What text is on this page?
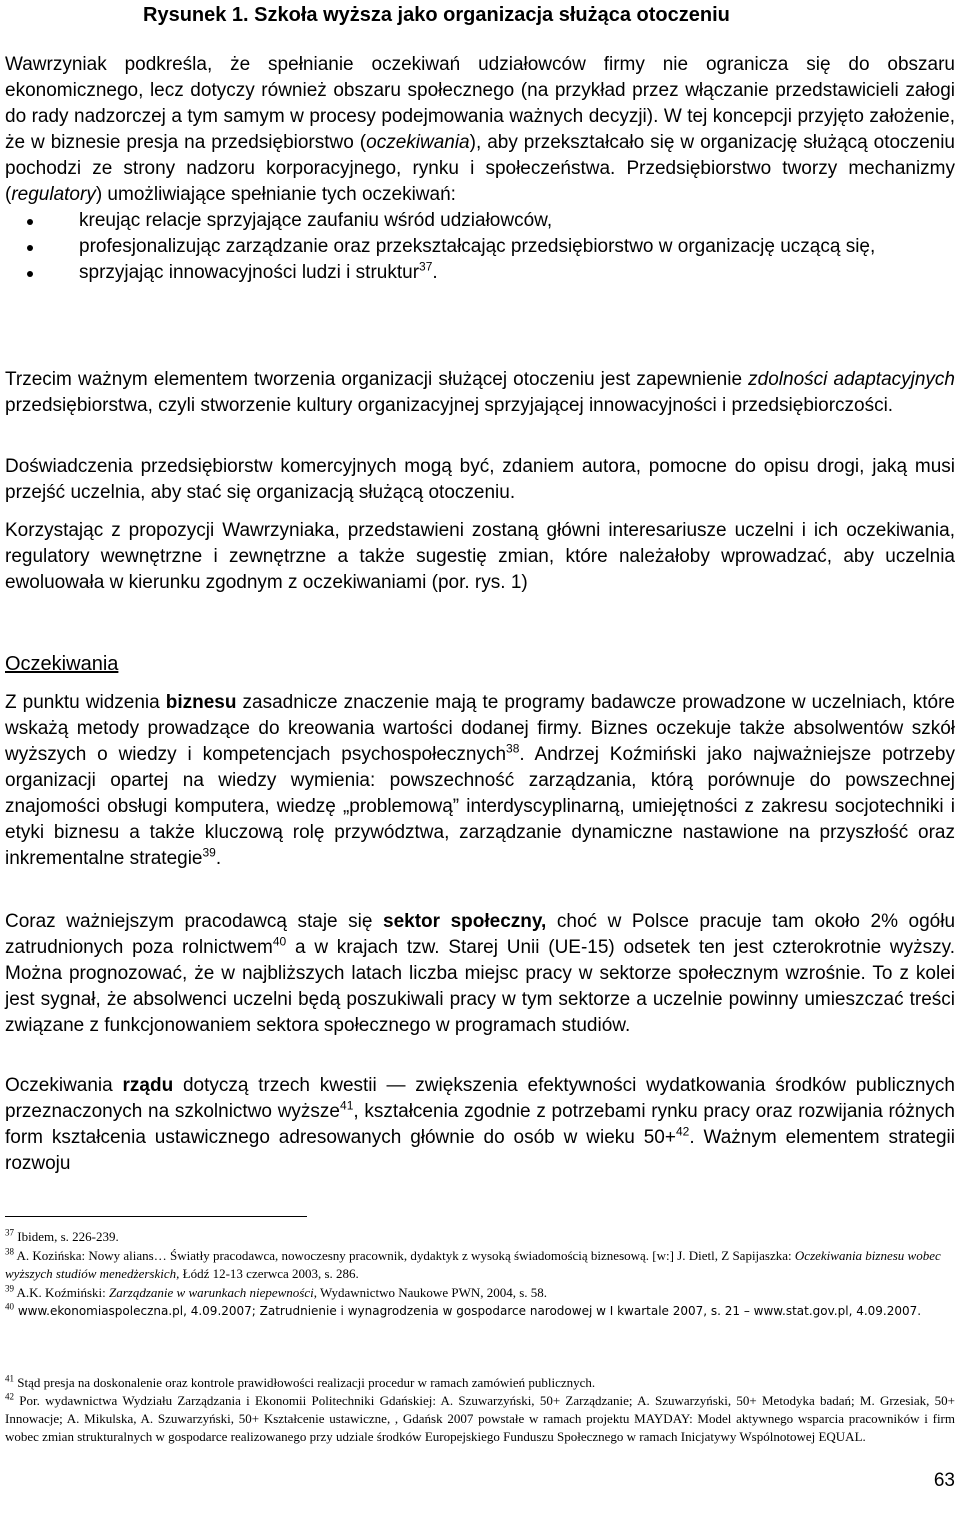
Rysunek 1. Szkoła wyższa jako organizacja służąca otoczeniu

Wawrzyniak podkreśla, że spełnianie oczekiwań udziałowców firmy nie ogranicza się do obszaru ekonomicznego, lecz dotyczy również obszaru społecznego (na przykład przez włączanie przedstawicieli załogi do rady nadzorczej a tym samym w procesy podejmowania ważnych decyzji). W tej koncepcji przyjęto założenie, że w biznesie presja na przedsiębiorstwo (oczekiwania), aby przekształcało się w organizację służącą otoczeniu pochodzi ze strony nadzoru korporacyjnego, rynku i społeczeństwa. Przedsiębiorstwo tworzy mechanizmy (regulatory) umożliwiające spełnianie tych oczekiwań:

kreując relacje sprzyjające zaufaniu wśród udziałowców,
profesjonalizując zarządzanie oraz przekształcając przedsiębiorstwo w organizację uczącą się,
sprzyjając innowacyjności ludzi i struktur$^{37}$.

Trzecim ważnym elementem tworzenia organizacji służącej otoczeniu jest zapewnienie zdolności adaptacyjnych przedsiębiorstwa, czyli stworzenie kultury organizacyjnej sprzyjającej innowacyjności i przedsiębiorczości.

Doświadczenia przedsiębiorstw komercyjnych mogą być, zdaniem autora, pomocne do opisu drogi, jaką musi przejść uczelnia, aby stać się organizacją służącą otoczeniu.

Korzystając z propozycji Wawrzyniaka, przedstawieni zostaną główni interesariusze uczelni i ich oczekiwania, regulatory wewnętrzne i zewnętrzne a także sugestię zmian, które należałoby wprowadzać, aby uczelnia ewoluowała w kierunku zgodnym z oczekiwaniami (por. rys. 1)

Oczekiwania

Z punktu widzenia biznesu zasadnicze znaczenie mają te programy badawcze prowadzone w uczelniach, które wskażą metody prowadzące do kreowania wartości dodanej firmy. Biznes oczekuje także absolwentów szkół wyższych o wiedzy i kompetencjach psychospołecznych$^{38}$. Andrzej Koźmiński jako najważniejsze potrzeby organizacji opartej na wiedzy wymienia: powszechność zarządzania, którą porównuje do powszechnej znajomości obsługi komputera, wiedzę „problemową” interdyscyplinarną, umiejętności z zakresu socjotechniki i etyki biznesu a także kluczową rolę przywództwa, zarządzanie dynamiczne nastawione na przyszłość oraz inkrementalne strategie$^{39}$.

Coraz ważniejszym pracodawcą staje się sektor społeczny, choć w Polsce pracuje tam około 2% ogółu zatrudnionych poza rolnictwem$^{40}$ a w krajach tzw. Starej Unii (UE-15) odsetek ten jest czterokrotnie wyższy. Można prognozować, że w najbliższych latach liczba miejsc pracy w sektorze społecznym wzrośnie. To z kolei jest sygnał, że absolwenci uczelni będą poszukiwali pracy w tym sektorze a uczelnie powinny umieszczać treści związane z funkcjonowaniem sektora społecznego w programach studiów.

Oczekiwania rządu dotyczą trzech kwestii — zwiększenia efektywności wydatkowania środków publicznych przeznaczonych na szkolnictwo wyższe$^{41}$, kształcenia zgodnie z potrzebami rynku pracy oraz rozwijania różnych form kształcenia ustawicznego adresowanych głównie do osób w wieku 50+$^{42}$. Ważnym elementem strategii rozwoju

$^{37}$ Ibidem, s. 226-239.
$^{38}$ A. Kozińska: Nowy alians… Światły pracodawca, nowoczesny pracownik, dydaktyk z wysoką świadomością biznesową. [w:] J. Dietl, Z Sapijaszka: Oczekiwania biznesu wobec wyższych studiów menedżerskich, Łódź 12-13 czerwca 2003, s. 286.
$^{39}$ A.K. Koźmiński: Zarządzanie w warunkach niepewności, Wydawnictwo Naukowe PWN, 2004, s. 58.
$^{40}$ www.ekonomiaspoleczna.pl, 4.09.2007; Zatrudnienie i wynagrodzenia w gospodarce narodowej w I kwartale 2007, s. 21 – www.stat.gov.pl, 4.09.2007.
$^{41}$ Stąd presja na doskonalenie oraz kontrole prawidłowości realizacji procedur w ramach zamówień publicznych.
$^{42}$ Por. wydawnictwa Wydziału Zarządzania i Ekonomii Politechniki Gdańskiej: A. Szuwarzyński, 50+ Zarządzanie; A. Szuwarzyński, 50+ Metodyka badań; M. Grzesiak, 50+ Innowacje; A. Mikulska, A. Szuwarzyński, 50+ Kształcenie ustawiczne, , Gdańsk 2007 powstałe w ramach projektu MAYDAY: Model aktywnego wsparcia pracowników i firm wobec zmian strukturalnych w gospodarce realizowanego przy udziale środków Europejskiego Funduszu Społecznego w ramach Inicjatywy Wspólnotowej EQUAL.
63
